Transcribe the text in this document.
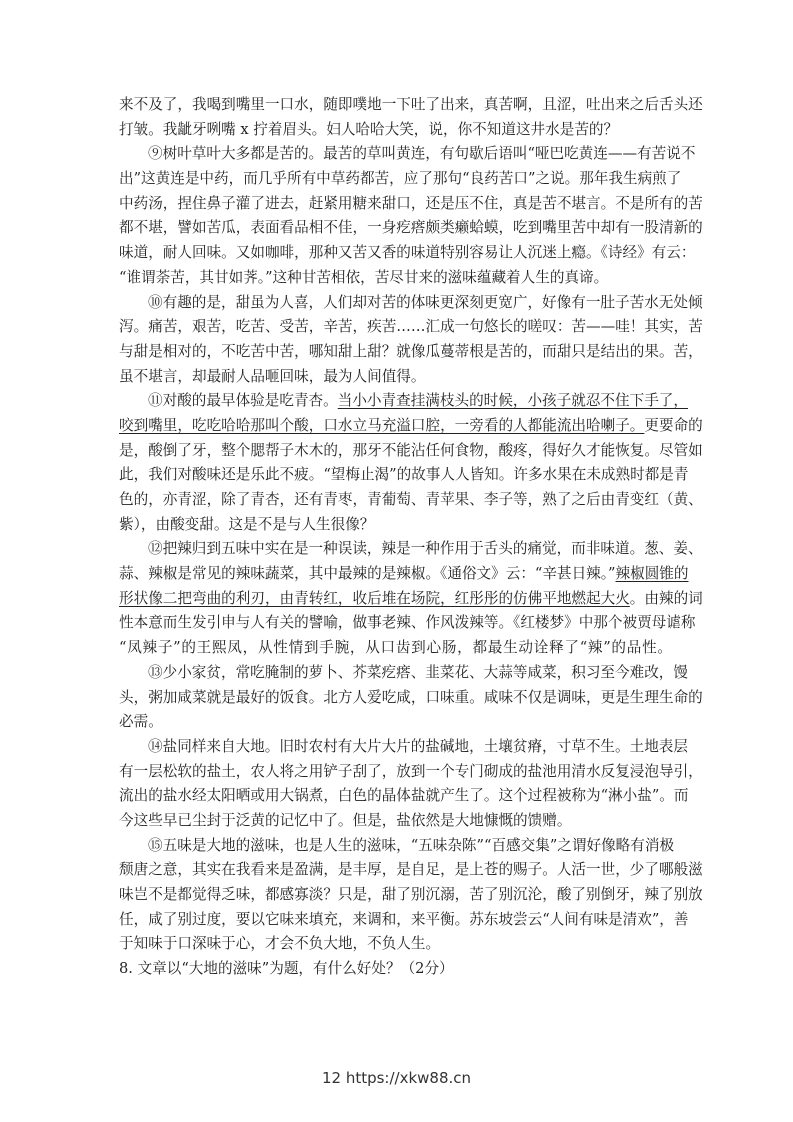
来不及了，我喝到嘴里一口水，随即噗地一下吐了出来，真苦啊，且涩，吐出来之后舌头还
打皱。我龇牙咧嘴 x 拧着眉头。妇人哈哈大笑，说，你不知道这井水是苦的？
⑨树叶草叶大多都是苦的。最苦的草叫黄连，有句歇后语叫“哑巴吃黄连——有苦说不
出”这黄连是中药，而几乎所有中草药都苦，应了那句“良药苦口”之说。那年我生病煎了
中药汤，捏住鼻子灌了进去，赶紧用糖来甜口，还是压不住，真是苦不堪言。不是所有的苦
都不堪，譬如苦瓜，表面看品相不佳，一身疙瘩颇类癞蛤蟆，吃到嘴里苦中却有一股清新的
味道，耐人回味。又如咖啡，那种又苦又香的味道特别容易让人沉迷上瘾。《诗经》有云：
“谁谓荼苦，其甘如荠。”这种甘苦相依，苦尽甘来的滋味蕴藏着人生的真谛。
⑩有趣的是，甜虽为人喜，人们却对苦的体味更深刻更宽广，好像有一肚子苦水无处倾
泻。痛苦，艰苦，吃苦、受苦，辛苦，疾苦……汇成一句悠长的嗟叹：苦——哇！其实，苦
与甜是相对的，不吃苦中苦，哪知甜上甜？就像瓜蔓蒂根是苦的，而甜只是结出的果。苦，
虽不堪言，却最耐人品咂回味，最为人间值得。
⑪对酸的最早体验是吃青杏。当小小青查挂满枝头的时候，小孩子就忍不住下手了，
咬到嘴里，吃吃哈哈那叫个酸，口水立马充溢口腔，一旁看的人都能流出哈喇子。更要命的
是，酸倒了牙，整个腮帮子木木的，那牙不能沾任何食物，酸疼，得好久才能恢复。尽管如
此，我们对酸味还是乐此不疲。“望梅止渴”的故事人人皆知。许多水果在未成熟时都是青
色的，亦青涩，除了青杏，还有青枣，青葡萄、青苹果、李子等，熟了之后由青变红（黄、
紫），由酸变甜。这是不是与人生很像？
⑫把辣归到五味中实在是一种误读，辣是一种作用于舌头的痛觉，而非味道。葱、姜、
蒜、辣椒是常见的辣味蔬菜，其中最辣的是辣椒。《通俗文》云：“辛甚日辣。”辣椒圆锥的
形状像二把弯曲的利刃，由青转红，收后堆在场院，红彤彤的仿佛平地燃起大火。由辣的词
性本意而生发引申与人有关的譬喻，做事老辣、作风泼辣等。《红楼梦》中那个被贾母谑称
“凤辣子”的王熙凤，从性情到手腕，从口齿到心肠，都最生动诠释了“辣”的品性。
⑬少小家贫，常吃腌制的萝卜、芥菜疙瘩、韭菜花、大蒜等咸菜，积习至今难改，馒
头，粥加咸菜就是最好的饭食。北方人爱吃咸，口味重。咸味不仅是调味，更是生理生命的
必需。
⑭盐同样来自大地。旧时农村有大片大片的盐碱地，土壤贫瘠，寸草不生。土地表层
有一层松软的盐土，农人将之用铲子刮了，放到一个专门砌成的盐池用清水反复浸泡导引，
流出的盐水经太阳晒或用大锅煮，白色的晶体盐就产生了。这个过程被称为“淋小盐”。而
今这些早已尘封于泛黄的记忆中了。但是，盐依然是大地慷慨的馈赠。
⑮五味是大地的滋味，也是人生的滋味，“五味杂陈”“百感交集”之谓好像略有消极
颓唐之意，其实在我看来是盈满，是丰厚，是自足，是上苍的赐子。人活一世，少了哪般滋
味岂不是都觉得乏味，都感寡淡？只是，甜了别沉溺，苦了别沉沦，酸了别倒牙，辣了别放
任，咸了别过度，要以它味来填充，来调和，来平衡。苏东坡尝云“人间有味是清欢”，善
于知味于口深味于心，才会不负大地，不负人生。
8. 文章以“大地的滋味”为题，有什么好处？（2分）
12 https://xkw88.cn
